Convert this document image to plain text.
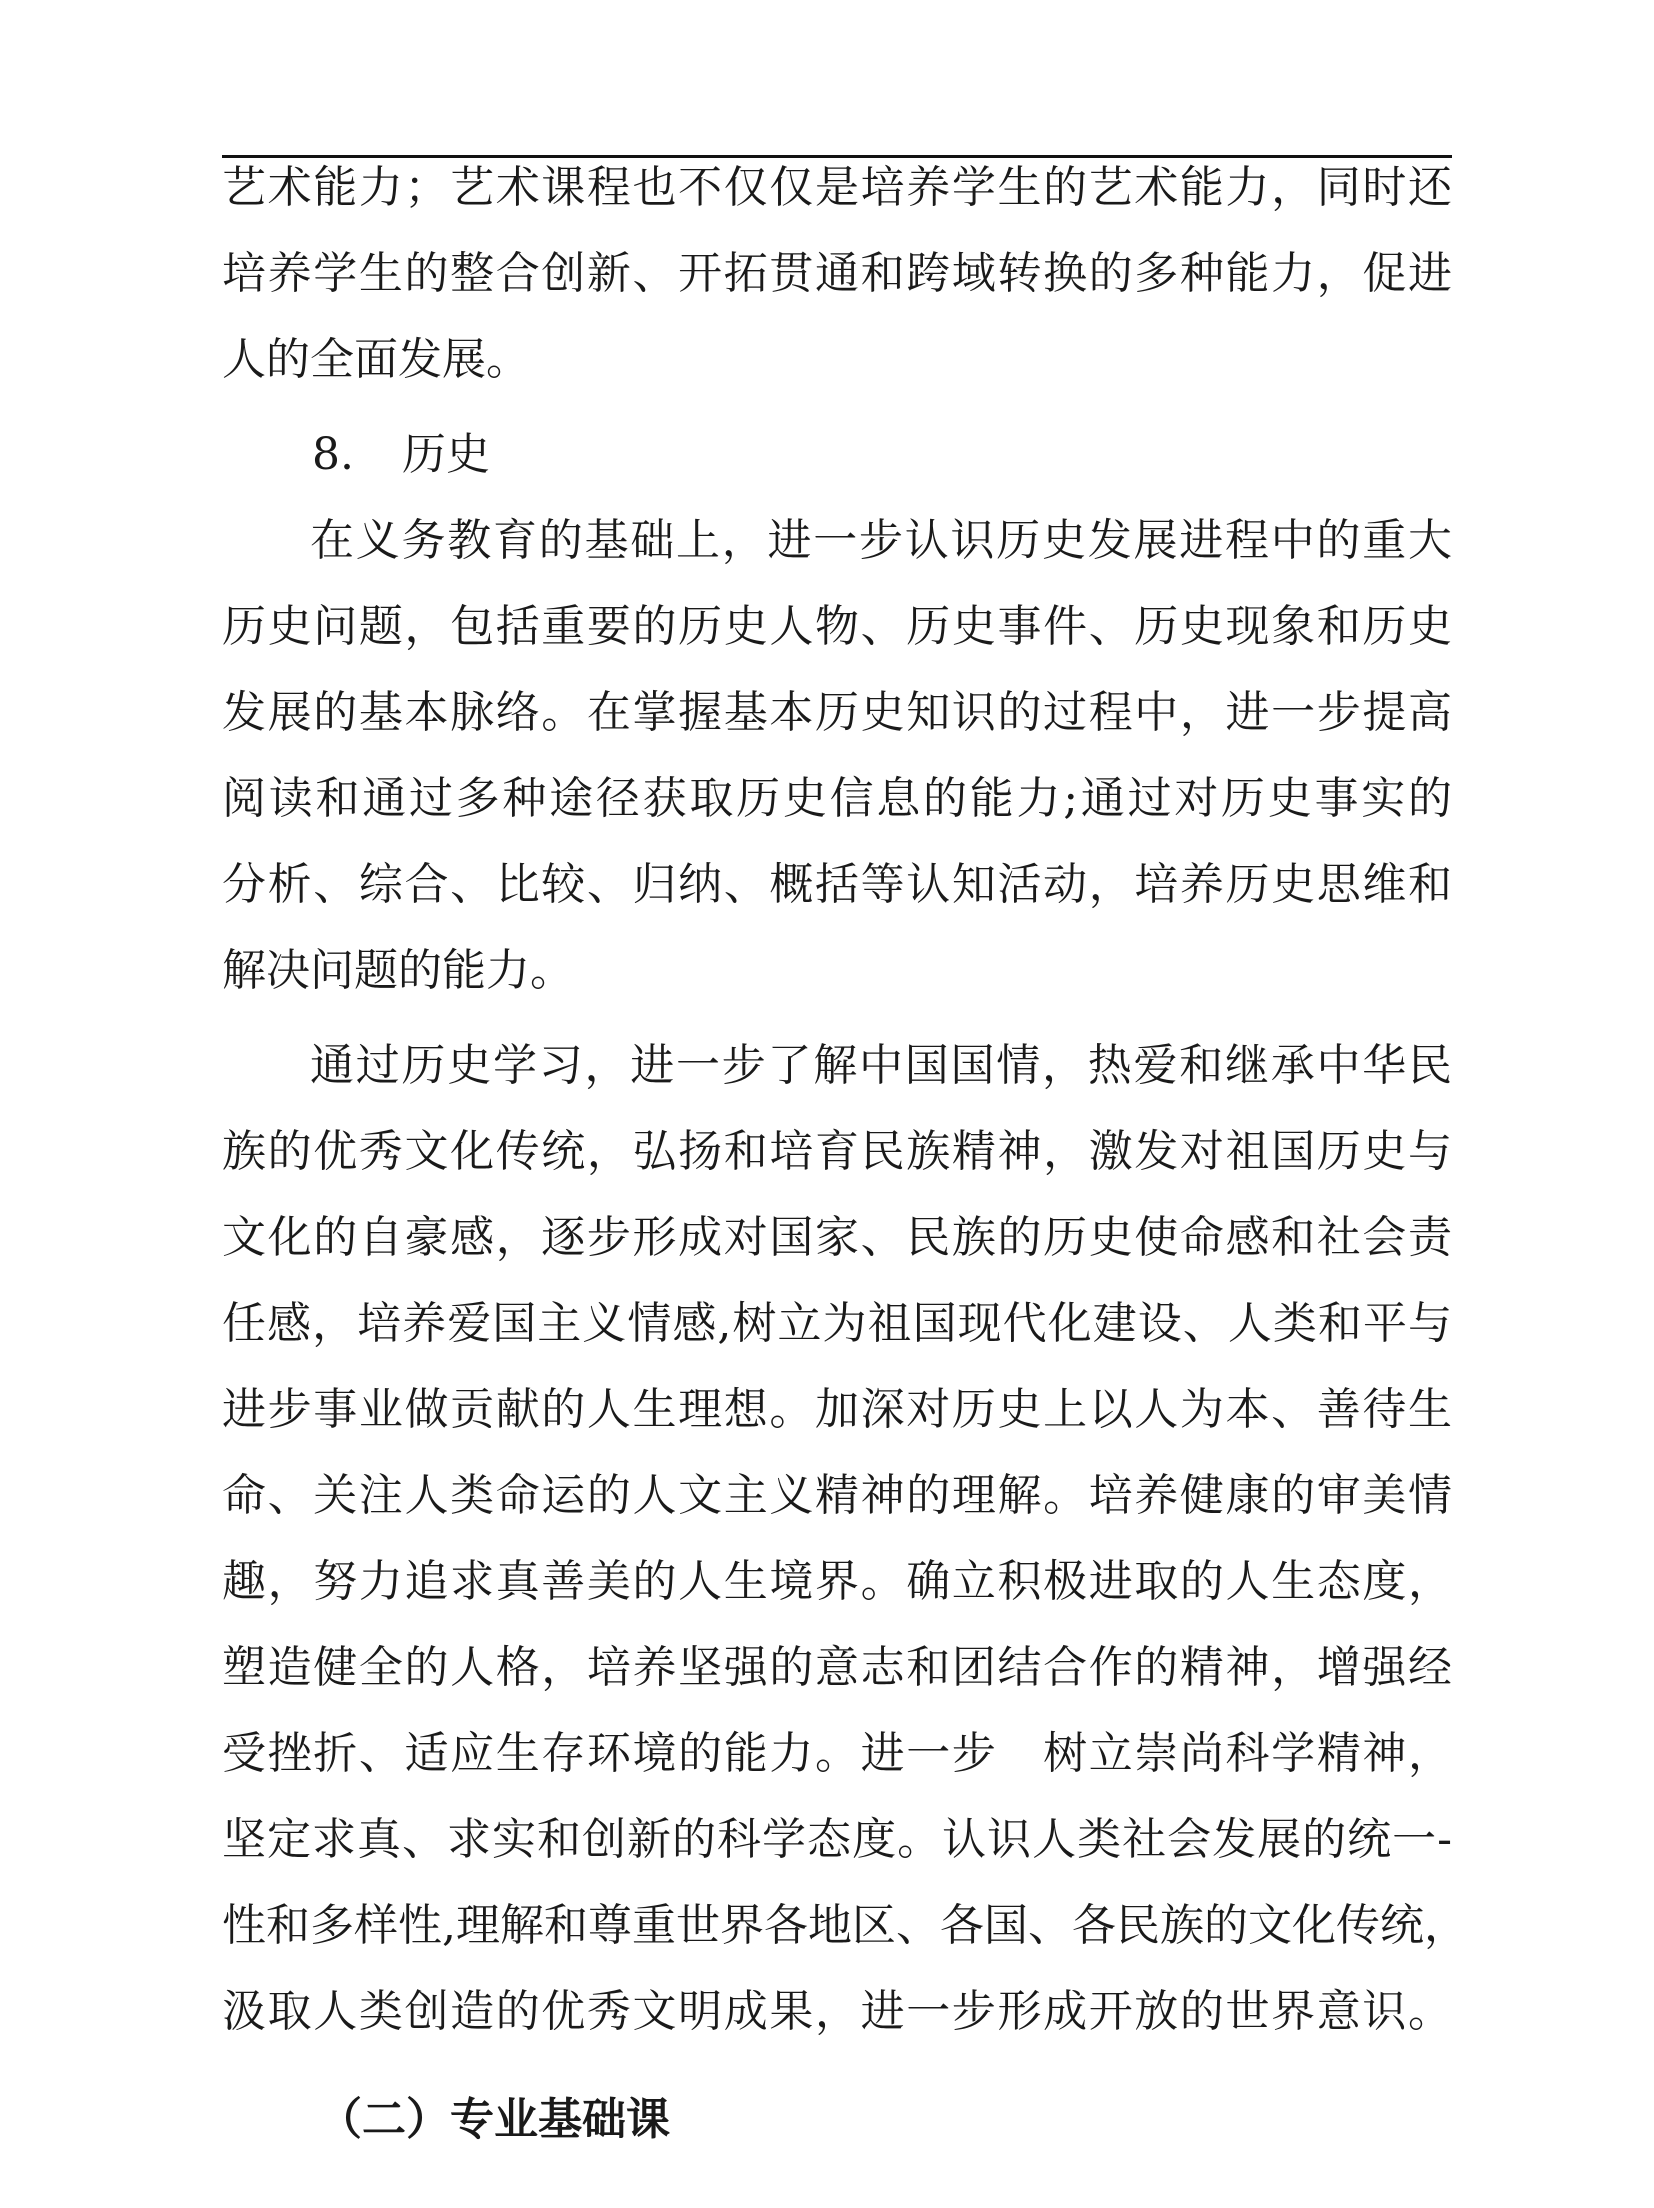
艺术能力；艺术课程也不仅仅是培养学生的艺术能力，同时还

培养学生的整合创新、开拓贯通和跨域转换的多种能力，促进

人的全面发展。

8. 历史

在义务教育的基础上，进一步认识历史发展进程中的重大

历史问题，包括重要的历史人物、历史事件、历史现象和历史

发展的基本脉络。在掌握基本历史知识的过程中，进一步提高

阅读和通过多种途径获取历史信息的能力;通过对历史事实的

分析、综合、比较、归纳、概括等认知活动，培养历史思维和

解决问题的能力。

通过历史学习，进一步了解中国国情，热爱和继承中华民

族的优秀文化传统，弘扬和培育民族精神，激发对祖国历史与

文化的自豪感，逐步形成对国家、民族的历史使命感和社会责

任感，培养爱国主义情感,树立为祖国现代化建设、人类和平与

进步事业做贡献的人生理想。加深对历史上以人为本、善待生

命、关注人类命运的人文主义精神的理解。培养健康的审美情

趣，努力追求真善美的人生境界。确立积极进取的人生态度，

塑造健全的人格，培养坚强的意志和团结合作的精神，增强经

受挫折、适应生存环境的能力。进一步　树立崇尚科学精神，

坚定求真、求实和创新的科学态度。认识人类社会发展的统一-

性和多样性,理解和尊重世界各地区、各国、各民族的文化传统，

汲取人类创造的优秀文明成果，进一步形成开放的世界意识。

（二）专业基础课
